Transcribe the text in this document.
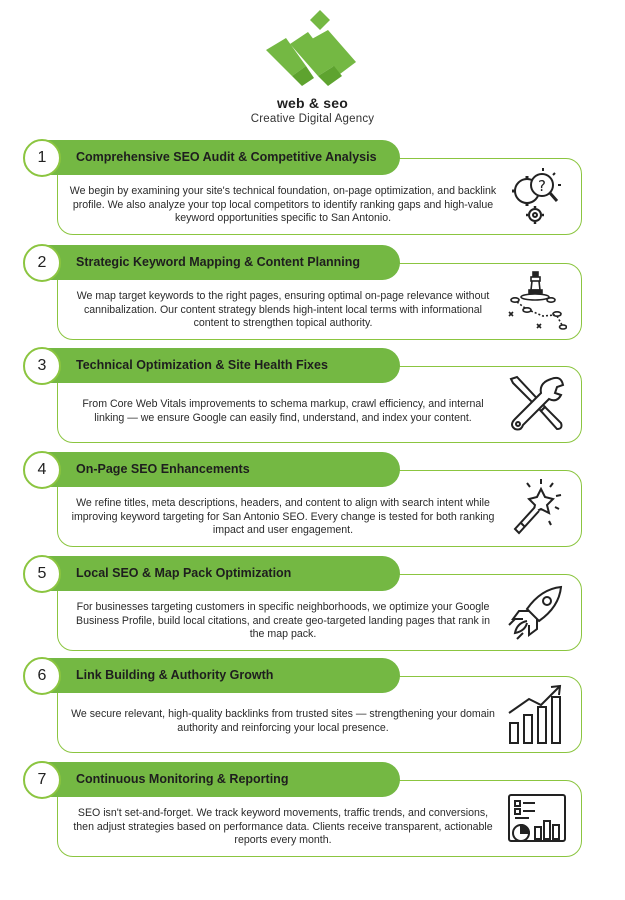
web & seo
Creative Digital Agency
Comprehensive SEO Audit & Competitive Analysis
1
We begin by examining your site's technical foundation, on-page optimization, and backlink profile. We also analyze your top local competitors to identify ranking gaps and high-value keyword opportunities specific to San Antonio.
?
Strategic Keyword Mapping & Content Planning
2
We map target keywords to the right pages, ensuring optimal on-page relevance without cannibalization. Our content strategy blends high-intent local terms with informational content to strengthen topical authority.
Technical Optimization & Site Health Fixes
3
From Core Web Vitals improvements to schema markup, crawl efficiency, and internal linking — we ensure Google can easily find, understand, and index your content.
On-Page SEO Enhancements
4
We refine titles, meta descriptions, headers, and content to align with search intent while improving keyword targeting for San Antonio SEO. Every change is tested for both ranking impact and user engagement.
Local SEO & Map Pack Optimization
5
For businesses targeting customers in specific neighborhoods, we optimize your Google Business Profile, build local citations, and create geo-targeted landing pages that rank in the map pack.
Link Building & Authority Growth
6
We secure relevant, high-quality backlinks from trusted sites — strengthening your domain authority and reinforcing your local presence.
Continuous Monitoring & Reporting
7
SEO isn't set-and-forget. We track keyword movements, traffic trends, and conversions, then adjust strategies based on performance data. Clients receive transparent, actionable reports every month.
